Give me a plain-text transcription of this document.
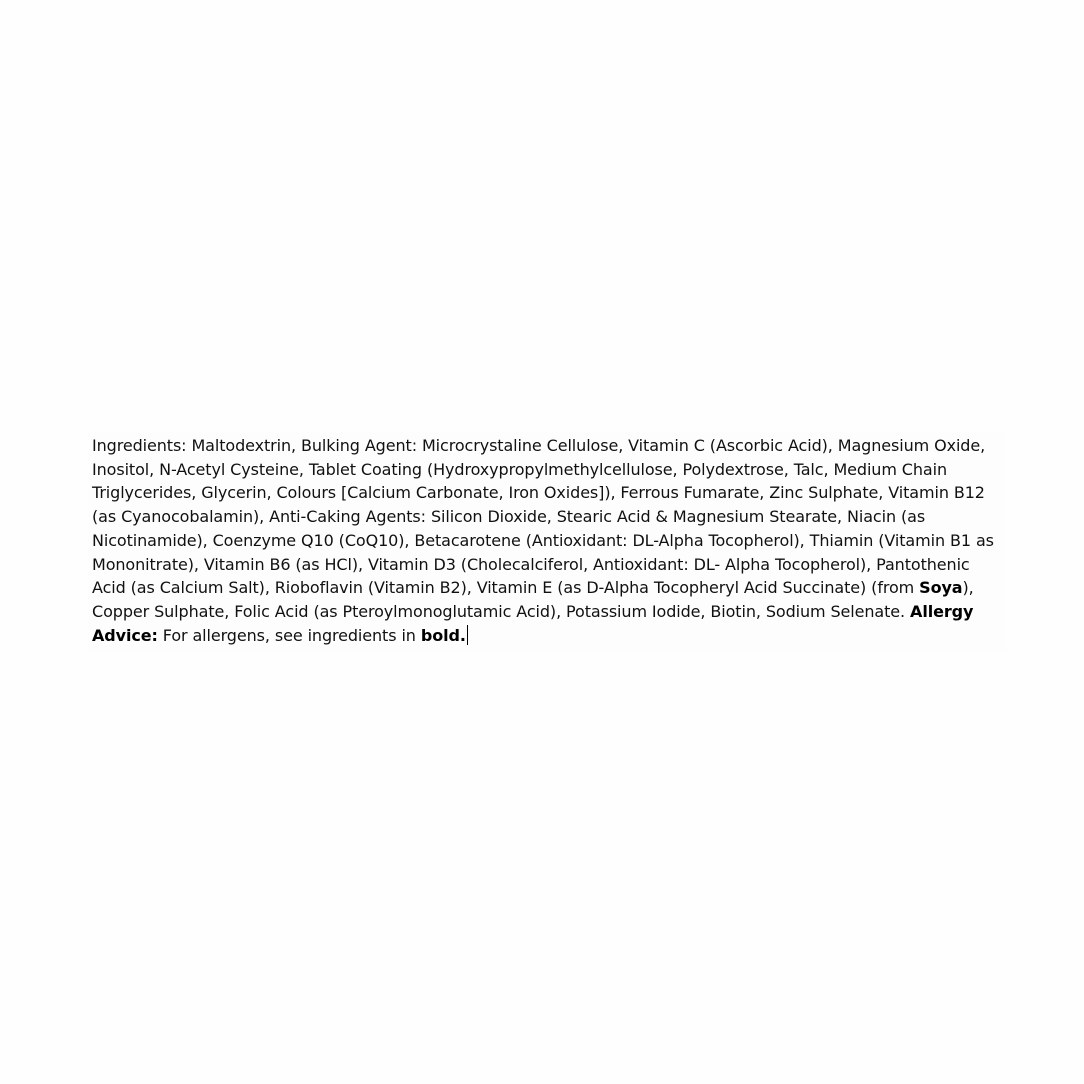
Ingredients: Maltodextrin, Bulking Agent: Microcrystaline Cellulose, Vitamin C (Ascorbic Acid), Magnesium Oxide, Inositol, N-Acetyl Cysteine, Tablet Coating (Hydroxypropylmethylcellulose, Polydextrose, Talc, Medium Chain Triglycerides, Glycerin, Colours [Calcium Carbonate, Iron Oxides]), Ferrous Fumarate, Zinc Sulphate, Vitamin B12 (as Cyanocobalamin), Anti-Caking Agents: Silicon Dioxide, Stearic Acid & Magnesium Stearate, Niacin (as Nicotinamide), Coenzyme Q10 (CoQ10), Betacarotene (Antioxidant: DL-Alpha Tocopherol), Thiamin (Vitamin B1 as Mononitrate), Vitamin B6 (as HCl), Vitamin D3 (Cholecalciferol, Antioxidant: DL- Alpha Tocopherol), Pantothenic Acid (as Calcium Salt), Rioboflavin (Vitamin B2), Vitamin E (as D-Alpha Tocopheryl Acid Succinate) (from Soya), Copper Sulphate, Folic Acid (as Pteroylmonoglutamic Acid), Potassium Iodide, Biotin, Sodium Selenate. Allergy Advice: For allergens, see ingredients in bold.
